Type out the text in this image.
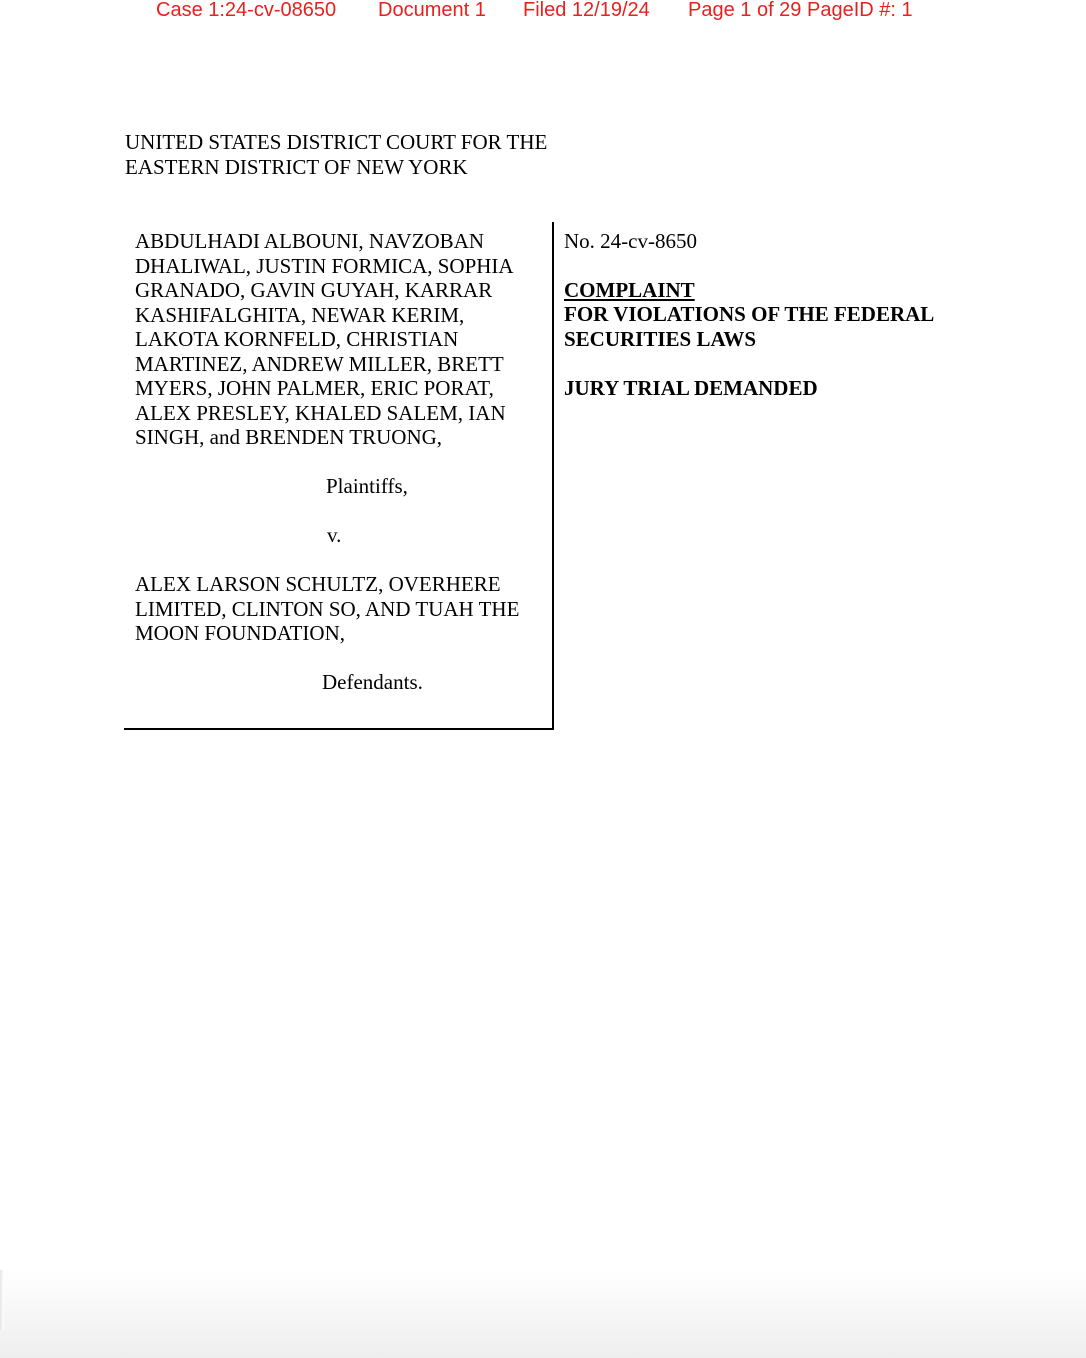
Case 1:24-cv-08650 Document 1 Filed 12/19/24 Page 1 of 29 PageID #: 1
UNITED STATES DISTRICT COURT FOR THE
EASTERN DISTRICT OF NEW YORK
ABDULHADI ALBOUNI, NAVZOBAN
DHALIWAL, JUSTIN FORMICA, SOPHIA
GRANADO, GAVIN GUYAH, KARRAR
KASHIFALGHITA, NEWAR KERIM,
LAKOTA KORNFELD, CHRISTIAN
MARTINEZ, ANDREW MILLER, BRETT
MYERS, JOHN PALMER, ERIC PORAT,
ALEX PRESLEY, KHALED SALEM, IAN
SINGH, and BRENDEN TRUONG,
Plaintiffs,
v.
ALEX LARSON SCHULTZ, OVERHERE
LIMITED, CLINTON SO, AND TUAH THE
MOON FOUNDATION,
Defendants.
No. 24-cv-8650
COMPLAINT
FOR VIOLATIONS OF THE FEDERAL
SECURITIES LAWS
JURY TRIAL DEMANDED
